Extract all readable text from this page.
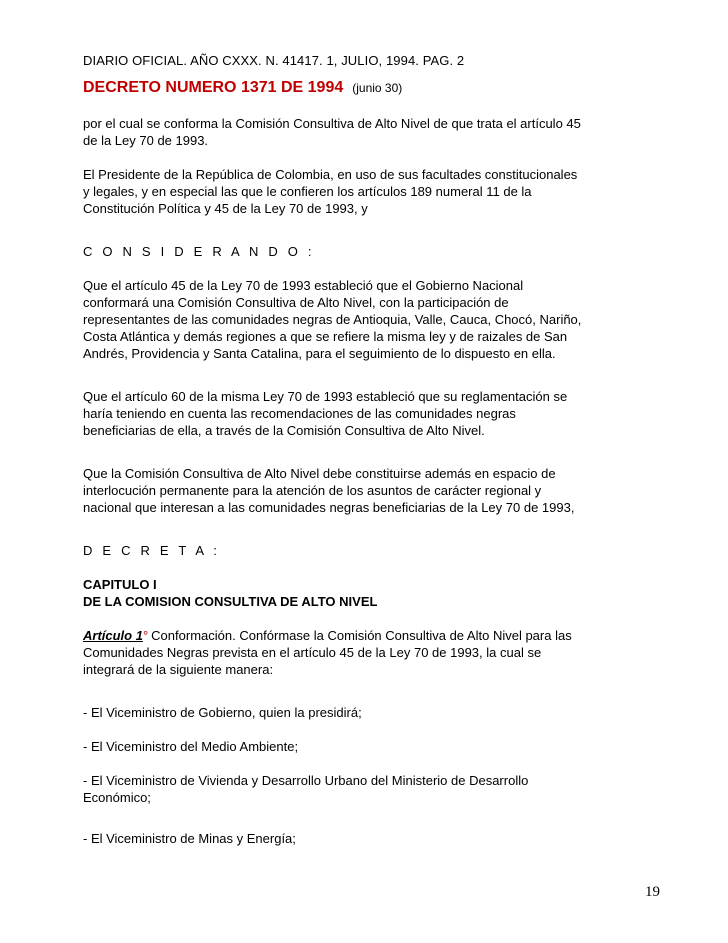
DIARIO OFICIAL. AÑO CXXX. N. 41417. 1, JULIO, 1994. PAG. 2

DECRETO NUMERO 1371 DE 1994 (junio 30)

por el cual se conforma la Comisión Consultiva de Alto Nivel de que trata el artículo 45 de la Ley 70 de 1993.

El Presidente de la República de Colombia, en uso de sus facultades constitucionales y legales, y en especial las que le confieren los artículos 189 numeral 11 de la Constitución Política y 45 de la Ley 70 de 1993, y

C O N S I D E R A N D O :

Que el artículo 45 de la Ley 70 de 1993 estableció que el Gobierno Nacional conformará una Comisión Consultiva de Alto Nivel, con la participación de representantes de las comunidades negras de Antioquia, Valle, Cauca, Chocó, Nariño, Costa Atlántica y demás regiones a que se refiere la misma ley y de raizales de San Andrés, Providencia y Santa Catalina, para el seguimiento de lo dispuesto en ella.

Que el artículo 60 de la misma Ley 70 de 1993 estableció que su reglamentación se haría teniendo en cuenta las recomendaciones de las comunidades negras beneficiarias de ella, a través de la Comisión Consultiva de Alto Nivel.

Que la Comisión Consultiva de Alto Nivel debe constituirse además en espacio de interlocución permanente para la atención de los asuntos de carácter regional y nacional que interesan a las comunidades negras beneficiarias de la Ley 70 de 1993,

D E C R E T A :

CAPITULO I

DE LA COMISION CONSULTIVA DE ALTO NIVEL

Artículo 1° Conformación. Confórmase la Comisión Consultiva de Alto Nivel para las Comunidades Negras prevista en el artículo 45 de la Ley 70 de 1993, la cual se integrará de la siguiente manera:

- El Viceministro de Gobierno, quien la presidirá;

- El Viceministro del Medio Ambiente;

- El Viceministro de Vivienda y Desarrollo Urbano del Ministerio de Desarrollo Económico;

- El Viceministro de Minas y Energía;

19
